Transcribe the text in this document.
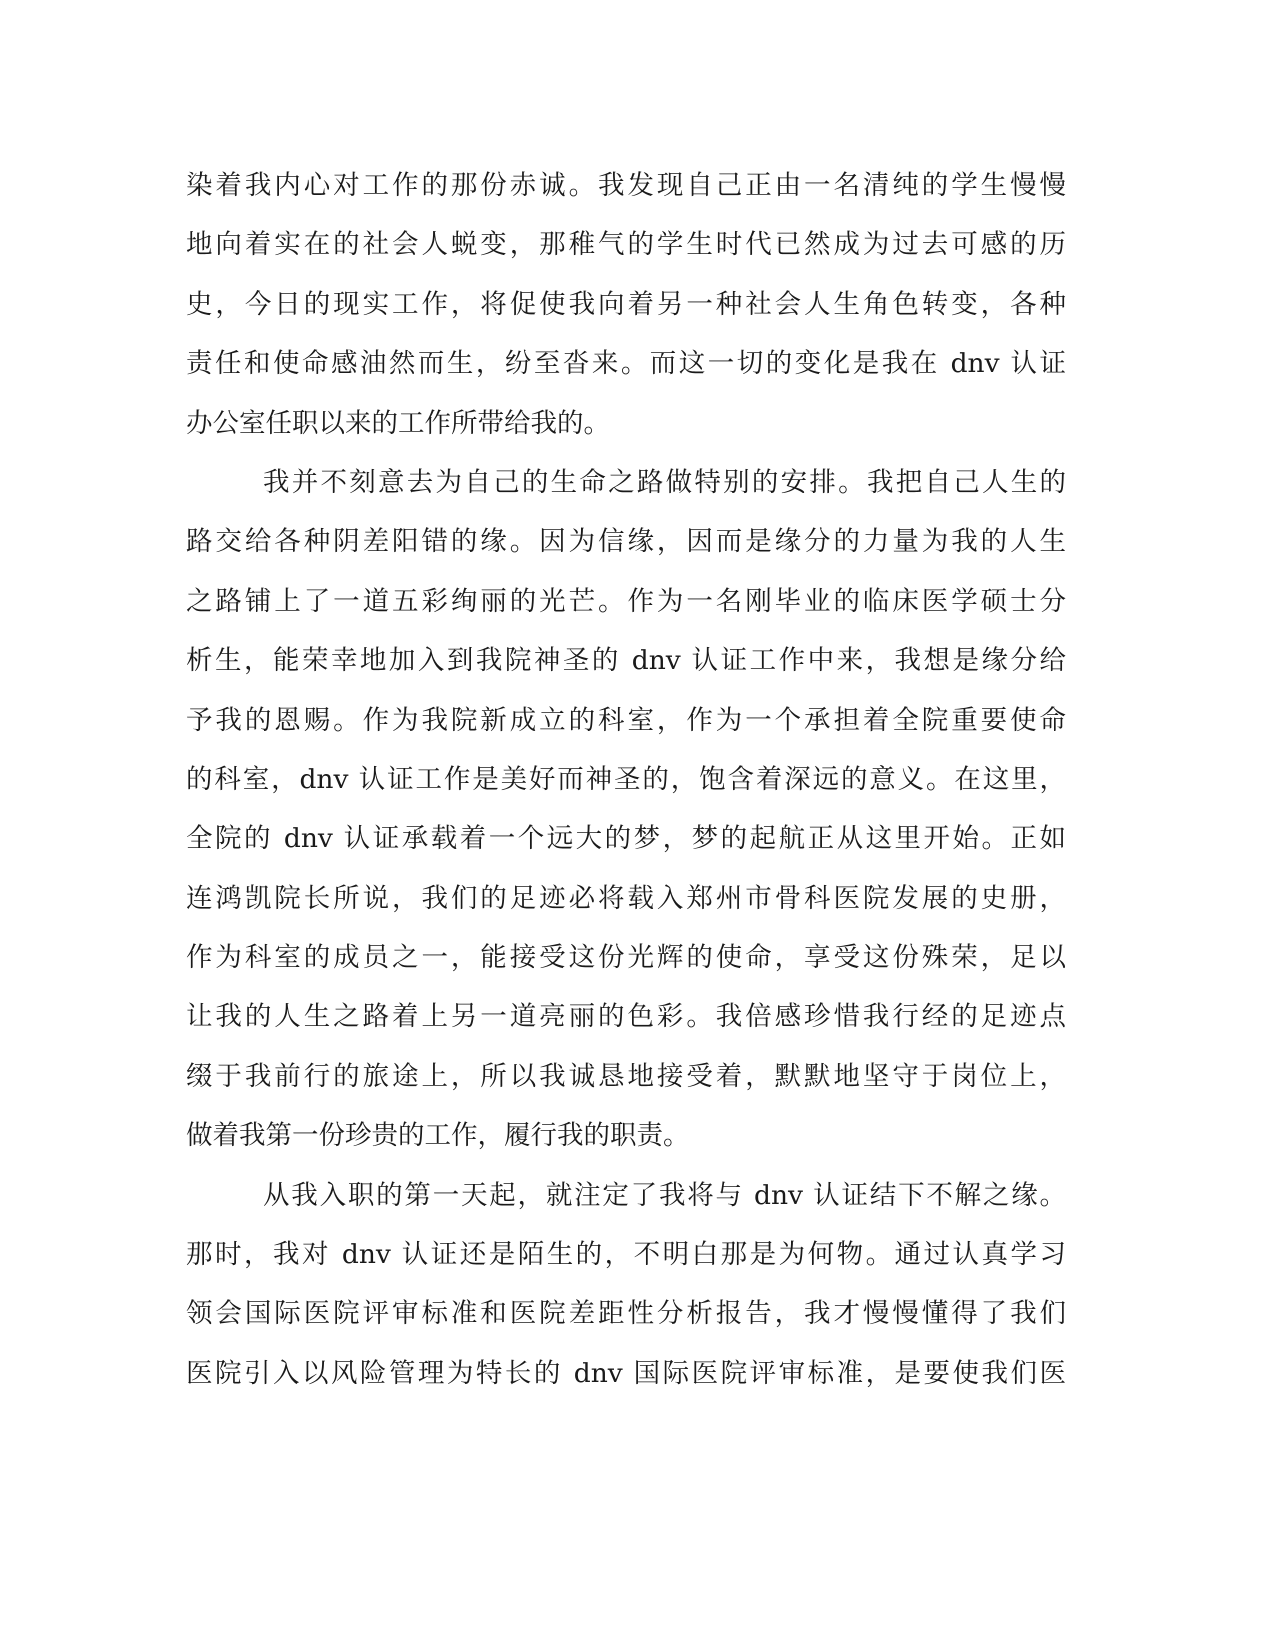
染着我内心对工作的那份赤诚。我发现自己正由一名清纯的学生慢慢
地向着实在的社会人蜕变，那稚气的学生时代已然成为过去可感的历
史，今日的现实工作，将促使我向着另一种社会人生角色转变，各种
责任和使命感油然而生，纷至沓来。而这一切的变化是我在 dnv 认证
办公室任职以来的工作所带给我的。
我并不刻意去为自己的生命之路做特别的安排。我把自己人生的
路交给各种阴差阳错的缘。因为信缘，因而是缘分的力量为我的人生
之路铺上了一道五彩绚丽的光芒。作为一名刚毕业的临床医学硕士分
析生，能荣幸地加入到我院神圣的 dnv 认证工作中来，我想是缘分给
予我的恩赐。作为我院新成立的科室，作为一个承担着全院重要使命
的科室，dnv 认证工作是美好而神圣的，饱含着深远的意义。在这里，
全院的 dnv 认证承载着一个远大的梦，梦的起航正从这里开始。正如
连鸿凯院长所说，我们的足迹必将载入郑州市骨科医院发展的史册，
作为科室的成员之一，能接受这份光辉的使命，享受这份殊荣，足以
让我的人生之路着上另一道亮丽的色彩。我倍感珍惜我行经的足迹点
缀于我前行的旅途上，所以我诚恳地接受着，默默地坚守于岗位上，
做着我第一份珍贵的工作，履行我的职责。
从我入职的第一天起，就注定了我将与 dnv 认证结下不解之缘。
那时，我对 dnv 认证还是陌生的，不明白那是为何物。通过认真学习
领会国际医院评审标准和医院差距性分析报告，我才慢慢懂得了我们
医院引入以风险管理为特长的 dnv 国际医院评审标准，是要使我们医
